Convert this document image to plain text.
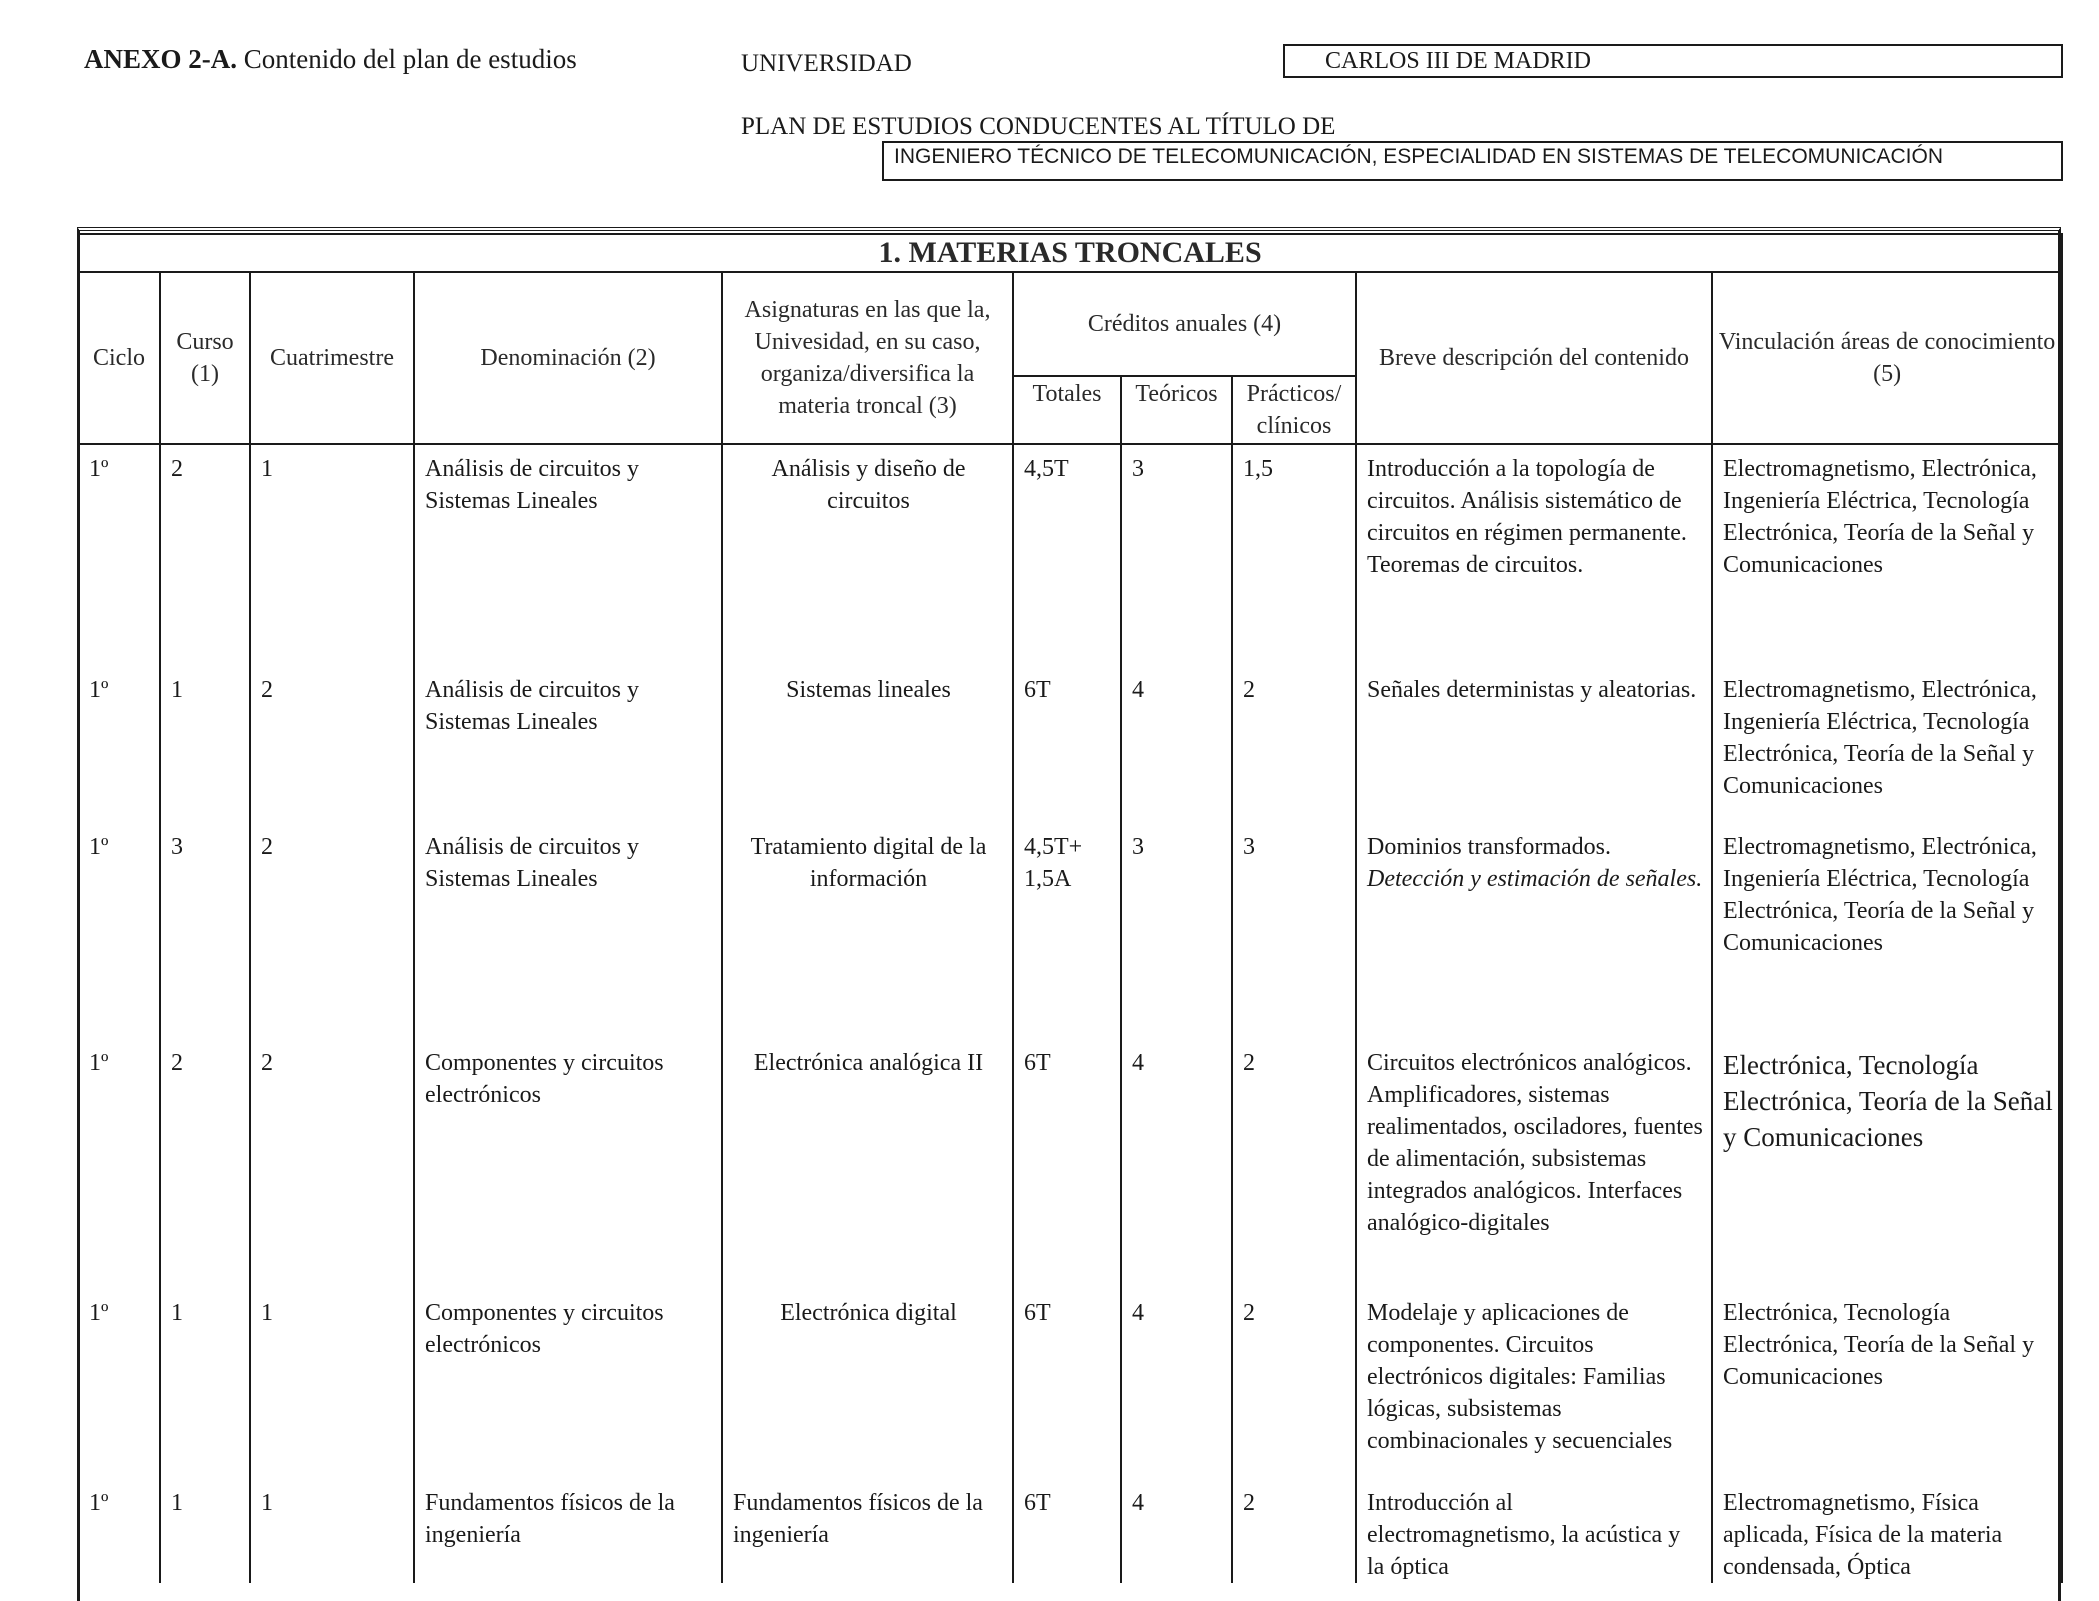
ANEXO 2-A. Contenido del plan de estudios	UNIVERSIDAD	CARLOS III DE MADRID
PLAN DE ESTUDIOS CONDUCENTES AL TÍTULO DE
INGENIERO TÉCNICO DE TELECOMUNICACIÓN, ESPECIALIDAD EN SISTEMAS DE TELECOMUNICACIÓN
1. MATERIAS TRONCALES									
Ciclo	Curso (1)	Cuatrimestre	Denominación (2)	Asignaturas en las que la, Univesidad, en su caso, organiza/diversifica la materia troncal (3)	Créditos anuales (4)			Breve descripción del contenido	Vinculación áreas de conocimiento (5)
					Totales	Teóricos	Prácticos/ clínicos		
1º	2	1	Análisis de circuitos y Sistemas Lineales	Análisis y diseño de circuitos	4,5T	3	1,5	Introducción a la topología de circuitos. Análisis sistemático de circuitos en régimen permanente. Teoremas de circuitos.	Electromagnetismo, Electrónica, Ingeniería Eléctrica, Tecnología Electrónica, Teoría de la Señal y Comunicaciones
1º	1	2	Análisis de circuitos y Sistemas Lineales	Sistemas lineales	6T	4	2	Señales deterministas y aleatorias.	Electromagnetismo, Electrónica, Ingeniería Eléctrica, Tecnología Electrónica, Teoría de la Señal y Comunicaciones
1º	3	2	Análisis de circuitos y Sistemas Lineales	Tratamiento digital de la información	4,5T+ 1,5A	3	3	Dominios transformados. Detección y estimación de señales.	Electromagnetismo, Electrónica, Ingeniería Eléctrica, Tecnología Electrónica, Teoría de la Señal y Comunicaciones
1º	2	2	Componentes y circuitos electrónicos	Electrónica analógica II	6T	4	2	Circuitos electrónicos analógicos. Amplificadores, sistemas realimentados, osciladores, fuentes de alimentación, subsistemas integrados analógicos. Interfaces analógico-digitales	Electrónica, Tecnología Electrónica, Teoría de la Señal y Comunicaciones
1º	1	1	Componentes y circuitos electrónicos	Electrónica digital	6T	4	2	Modelaje y aplicaciones de componentes. Circuitos electrónicos digitales: Familias lógicas, subsistemas combinacionales y secuenciales	Electrónica, Tecnología Electrónica, Teoría de la Señal y Comunicaciones
1º	1	1	Fundamentos físicos de la ingeniería	Fundamentos físicos de la ingeniería	6T	4	2	Introducción al electromagnetismo, la acústica y la óptica	Electromagnetismo, Física aplicada, Física de la materia condensada, Óptica
